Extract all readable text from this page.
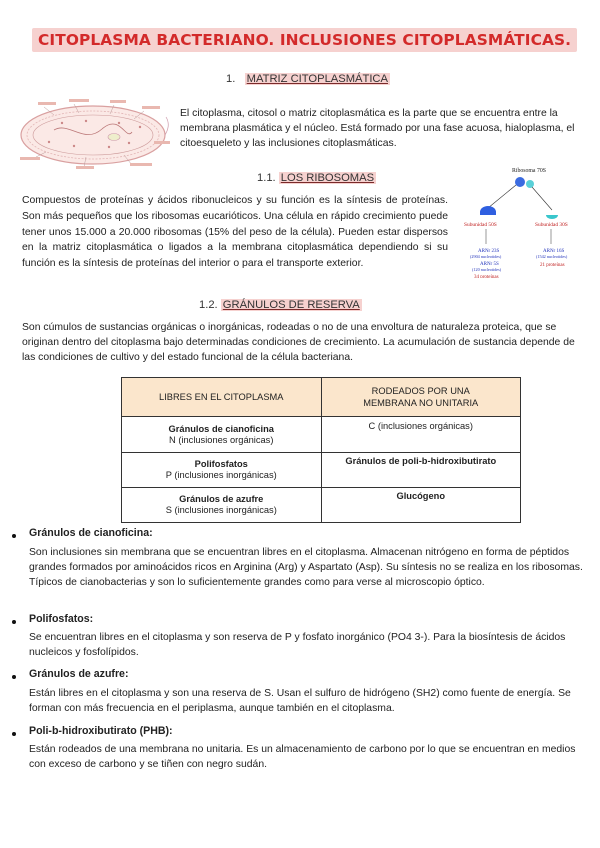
CITOPLASMA BACTERIANO. INCLUSIONES CITOPLASMÁTICAS.
1. MATRIZ CITOPLASMÁTICA
El citoplasma, citosol o matriz citoplasmática es la parte que se encuentra entre la membrana plasmática y el núcleo. Está formado por una fase acuosa, hialoplasma, el citoesqueleto y las inclusiones citoplasmáticas.
1.1. LOS RIBOSOMAS
Compuestos de proteínas y ácidos ribonucleicos y su función es la síntesis de proteínas. Son más pequeños que los ribosomas eucarióticos. Una célula en rápido crecimiento puede tener unos 15.000 a 20.000 ribosomas (15% del peso de la célula). Pueden estar dispersos en la matriz citoplasmática o ligados a la membrana citoplasmática dependiendo si su función es la síntesis de proteínas del interior o para el transporte exterior.
Ribosoma 70S
Subunidad 50S	Subunidad 30S
ARNr 23S
(2904 nucleotides)
ARNr 5S
(120 nucleotides)
34 proteínas
ARNr 16S
(1542 nucleotides)
21 proteínas
1.2. GRÁNULOS DE RESERVA
Son cúmulos de sustancias orgánicas o inorgánicas, rodeadas o no de una envoltura de naturaleza proteica, que se originan dentro del citoplasma bajo determinadas condiciones de crecimiento. La acumulación de sustancia depende de las condiciones de cultivo y del estado funcional de la célula bacteriana.
LIBRES EN EL CITOPLASMA	RODEADOS POR UNA MEMBRANA NO UNITARIA
Gránulos de cianoficina
N (inclusiones orgánicas)	C (inclusiones orgánicas)
Polifosfatos
P (inclusiones inorgánicas)	Gránulos de poli-b-hidroxibutirato
Gránulos de azufre
S (inclusiones inorgánicas)	Glucógeno
Gránulos de cianoficina:
Son inclusiones sin membrana que se encuentran libres en el citoplasma. Almacenan nitrógeno en forma de péptidos grandes formados por aminoácidos ricos en Arginina (Arg) y Aspartato (Asp). Su síntesis no se realiza en los ribosomas. Típicos de cianobacterias y son lo suficientemente grandes como para verse al microscopio óptico.
Polifosfatos:
Se encuentran libres en el citoplasma y son reserva de P y fosfato inorgánico (PO4 3-). Para la biosíntesis de ácidos nucleicos y fosfolípidos.
Gránulos de azufre:
Están libres en el citoplasma y son una reserva de S. Usan el sulfuro de hidrógeno (SH2) como fuente de energía. Se forman con más frecuencia en el periplasma, aunque también en el citoplasma.
Poli-b-hidroxibutirato (PHB):
Están rodeados de una membrana no unitaria. Es un almacenamiento de carbono por lo que se encuentran en medios con exceso de carbono y se tiñen con negro sudán.
